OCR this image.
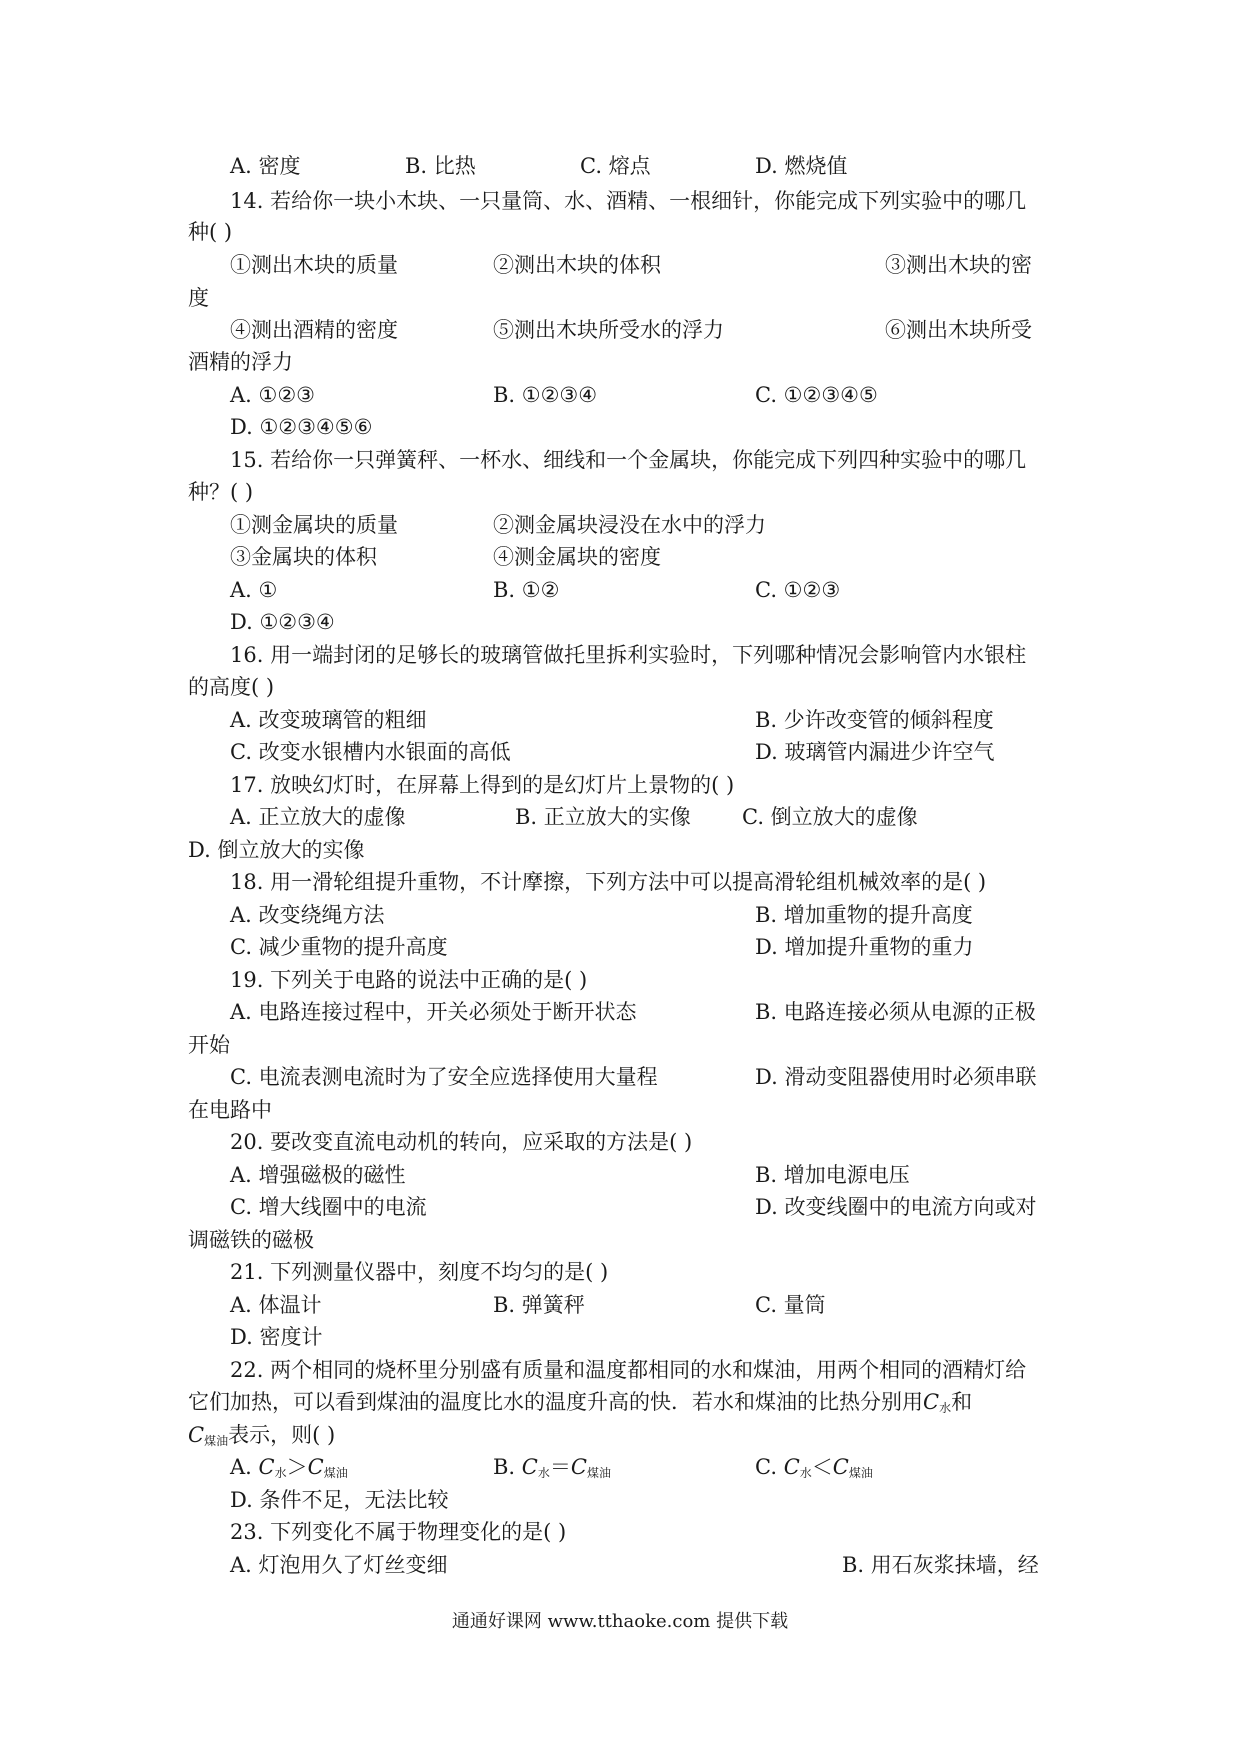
A. 密度	B. 比热	C. 熔点	D. 燃烧值
14. 若给你一块小木块、一只量筒、水、酒精、一根细针，你能完成下列实验中的哪几
种( )
①测出木块的质量	②测出木块的体积	③测出木块的密
度
④测出酒精的密度	⑤测出木块所受水的浮力	⑥测出木块所受
酒精的浮力
A. ①②③	B. ①②③④	C. ①②③④⑤
D. ①②③④⑤⑥
15. 若给你一只弹簧秤、一杯水、细线和一个金属块，你能完成下列四种实验中的哪几
种？( )
①测金属块的质量	②测金属块浸没在水中的浮力
③金属块的体积	④测金属块的密度
A. ①	B. ①②	C. ①②③
D. ①②③④
16. 用一端封闭的足够长的玻璃管做托里拆利实验时，下列哪种情况会影响管内水银柱
的高度( )
A. 改变玻璃管的粗细	B. 少许改变管的倾斜程度
C. 改变水银槽内水银面的高低	D. 玻璃管内漏进少许空气
17. 放映幻灯时，在屏幕上得到的是幻灯片上景物的( )
A. 正立放大的虚像	B. 正立放大的实像 C. 倒立放大的虚像
D. 倒立放大的实像
18. 用一滑轮组提升重物，不计摩擦，下列方法中可以提高滑轮组机械效率的是( )
A. 改变绕绳方法	B. 增加重物的提升高度
C. 减少重物的提升高度	D. 增加提升重物的重力
19. 下列关于电路的说法中正确的是( )
A. 电路连接过程中，开关必须处于断开状态	B. 电路连接必须从电源的正极
开始
C. 电流表测电流时为了安全应选择使用大量程	D. 滑动变阻器使用时必须串联
在电路中
20. 要改变直流电动机的转向，应采取的方法是( )
A. 增强磁极的磁性	B. 增加电源电压
C. 增大线圈中的电流	D. 改变线圈中的电流方向或对
调磁铁的磁极
21. 下列测量仪器中，刻度不均匀的是( )
A. 体温计	B. 弹簧秤	C. 量筒
D. 密度计
22. 两个相同的烧杯里分别盛有质量和温度都相同的水和煤油，用两个相同的酒精灯给
它们加热，可以看到煤油的温度比水的温度升高的快．若水和煤油的比热分别用$C_水$和
$C_{煤油}$表示，则( )
A. $C_水>C_{煤油}$	B. $C_水=C_{煤油}$	C. $C_水<C_{煤油}$
D. 条件不足，无法比较
23. 下列变化不属于物理变化的是( )
A. 灯泡用久了灯丝变细	B. 用石灰浆抹墙，经
通通好课网 www.tthaoke.com 提供下载
